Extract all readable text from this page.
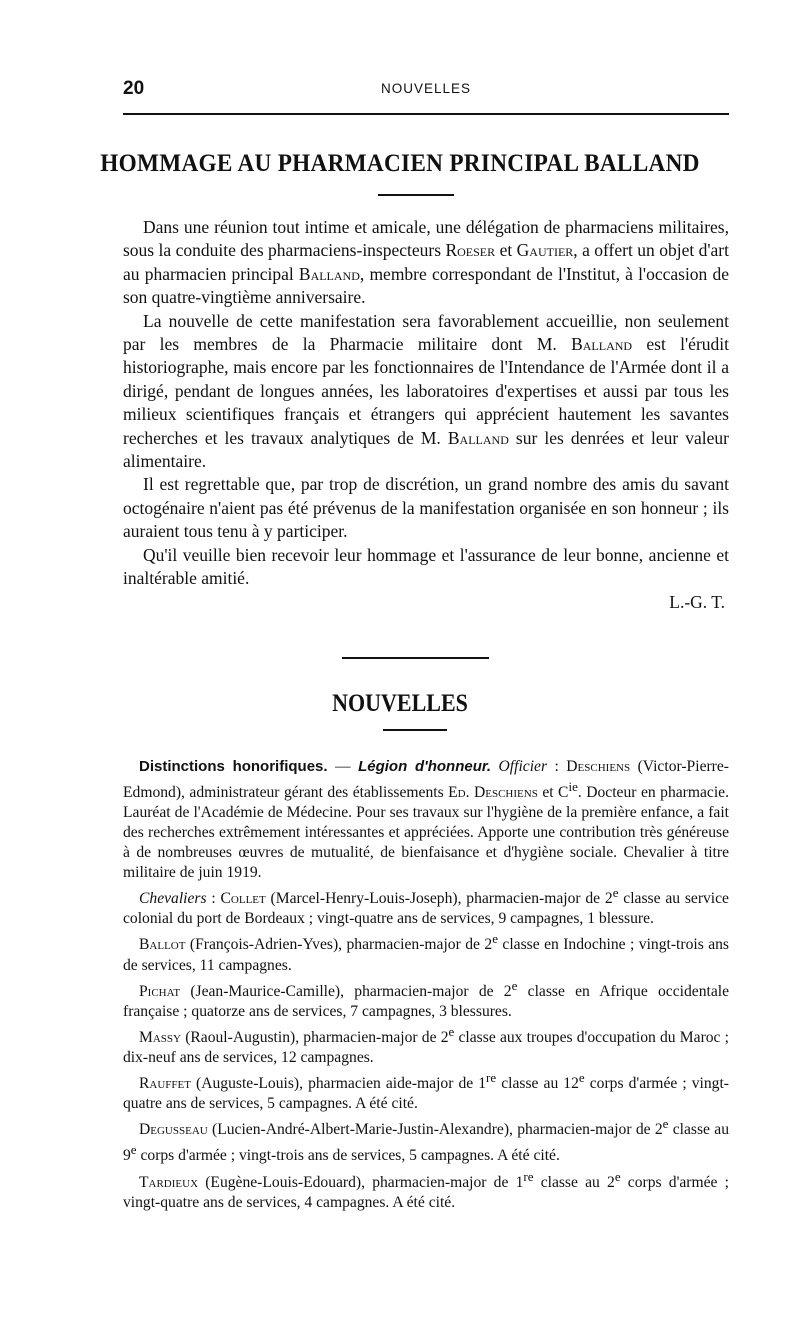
20	NOUVELLES
HOMMAGE AU PHARMACIEN PRINCIPAL BALLAND

Dans une réunion tout intime et amicale, une délégation de pharmaciens militaires, sous la conduite des pharmaciens-inspecteurs Roeser et Gautier, a offert un objet d'art au pharmacien principal Balland, membre correspondant de l'Institut, à l'occasion de son quatre-vingtième anniversaire.

La nouvelle de cette manifestation sera favorablement accueillie, non seulement par les membres de la Pharmacie militaire dont M. Balland est l'érudit historiographe, mais encore par les fonctionnaires de l'Intendance de l'Armée dont il a dirigé, pendant de longues années, les laboratoires d'expertises et aussi par tous les milieux scientifiques français et étrangers qui apprécient hautement les savantes recherches et les travaux analytiques de M. Balland sur les denrées et leur valeur alimentaire.

Il est regrettable que, par trop de discrétion, un grand nombre des amis du savant octogénaire n'aient pas été prévenus de la manifestation organisée en son honneur ; ils auraient tous tenu à y participer.

Qu'il veuille bien recevoir leur hommage et l'assurance de leur bonne, ancienne et inaltérable amitié.

L.-G. T.
NOUVELLES

Distinctions honorifiques. — Légion d'honneur. Officier : Deschiens (Victor-Pierre-Edmond), administrateur gérant des établissements Ed. Deschiens et $C^{ie}$. Docteur en pharmacie. Lauréat de l'Académie de Médecine. Pour ses travaux sur l'hygiène de la première enfance, a fait des recherches extrêmement intéressantes et appréciées. Apporte une contribution très généreuse à de nombreuses œuvres de mutualité, de bienfaisance et d'hygiène sociale. Chevalier à titre militaire de juin 1919.

Chevaliers : Collet (Marcel-Henry-Louis-Joseph), pharmacien-major de 2e classe au service colonial du port de Bordeaux ; vingt-quatre ans de services, 9 campagnes, 1 blessure.

Ballot (François-Adrien-Yves), pharmacien-major de 2e classe en Indochine ; vingt-trois ans de services, 11 campagnes.

Pichat (Jean-Maurice-Camille), pharmacien-major de 2e classe en Afrique occidentale française ; quatorze ans de services, 7 campagnes, 3 blessures.

Massy (Raoul-Augustin), pharmacien-major de 2e classe aux troupes d'occupation du Maroc ; dix-neuf ans de services, 12 campagnes.

Rauffet (Auguste-Louis), pharmacien aide-major de 1re classe au 12e corps d'armée ; vingt-quatre ans de services, 5 campagnes. A été cité.

Degusseau (Lucien-André-Albert-Marie-Justin-Alexandre), pharmacien-major de 2e classe au 9e corps d'armée ; vingt-trois ans de services, 5 campagnes. A été cité.

Tardieux (Eugène-Louis-Edouard), pharmacien-major de 1re classe au 2e corps d'armée ; vingt-quatre ans de services, 4 campagnes. A été cité.
